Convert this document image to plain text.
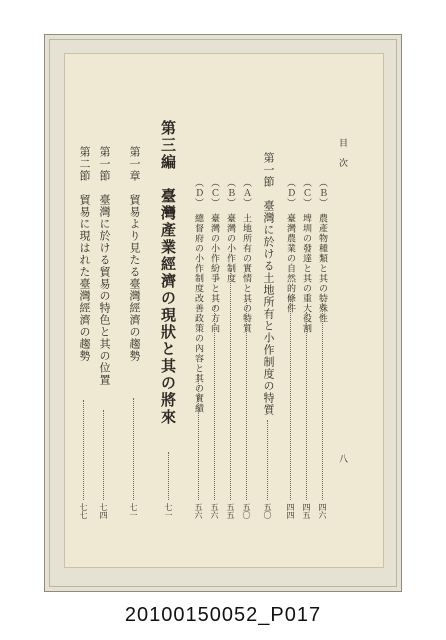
目　次
八
（Ｂ）　農產物種類と其の特殊性
四六
（Ｃ）　埤圳の發達と其の重大役割
四五
（Ｄ）　臺灣農業の自然的條件
四四
第一節　臺灣に於ける土地所有と小作制度の特質
五〇
（Ａ）　土地所有の實情と其の特質
五〇
（Ｂ）　臺灣の小作制度
五五
（Ｃ）　臺灣の小作紛爭と其の方向
五六
（Ｄ）　總督府の小作制度改善政策の內容と其の實績
五六
第三編　臺灣產業經濟の現狀と其の將來
七一
第一章　貿易より見たる臺灣經濟の趨勢
七一
第一節　臺灣に於ける貿易の特色と其の位置
七四
第二節　貿易に現はれた臺灣經濟の趨勢
七七
20100150052_P017
